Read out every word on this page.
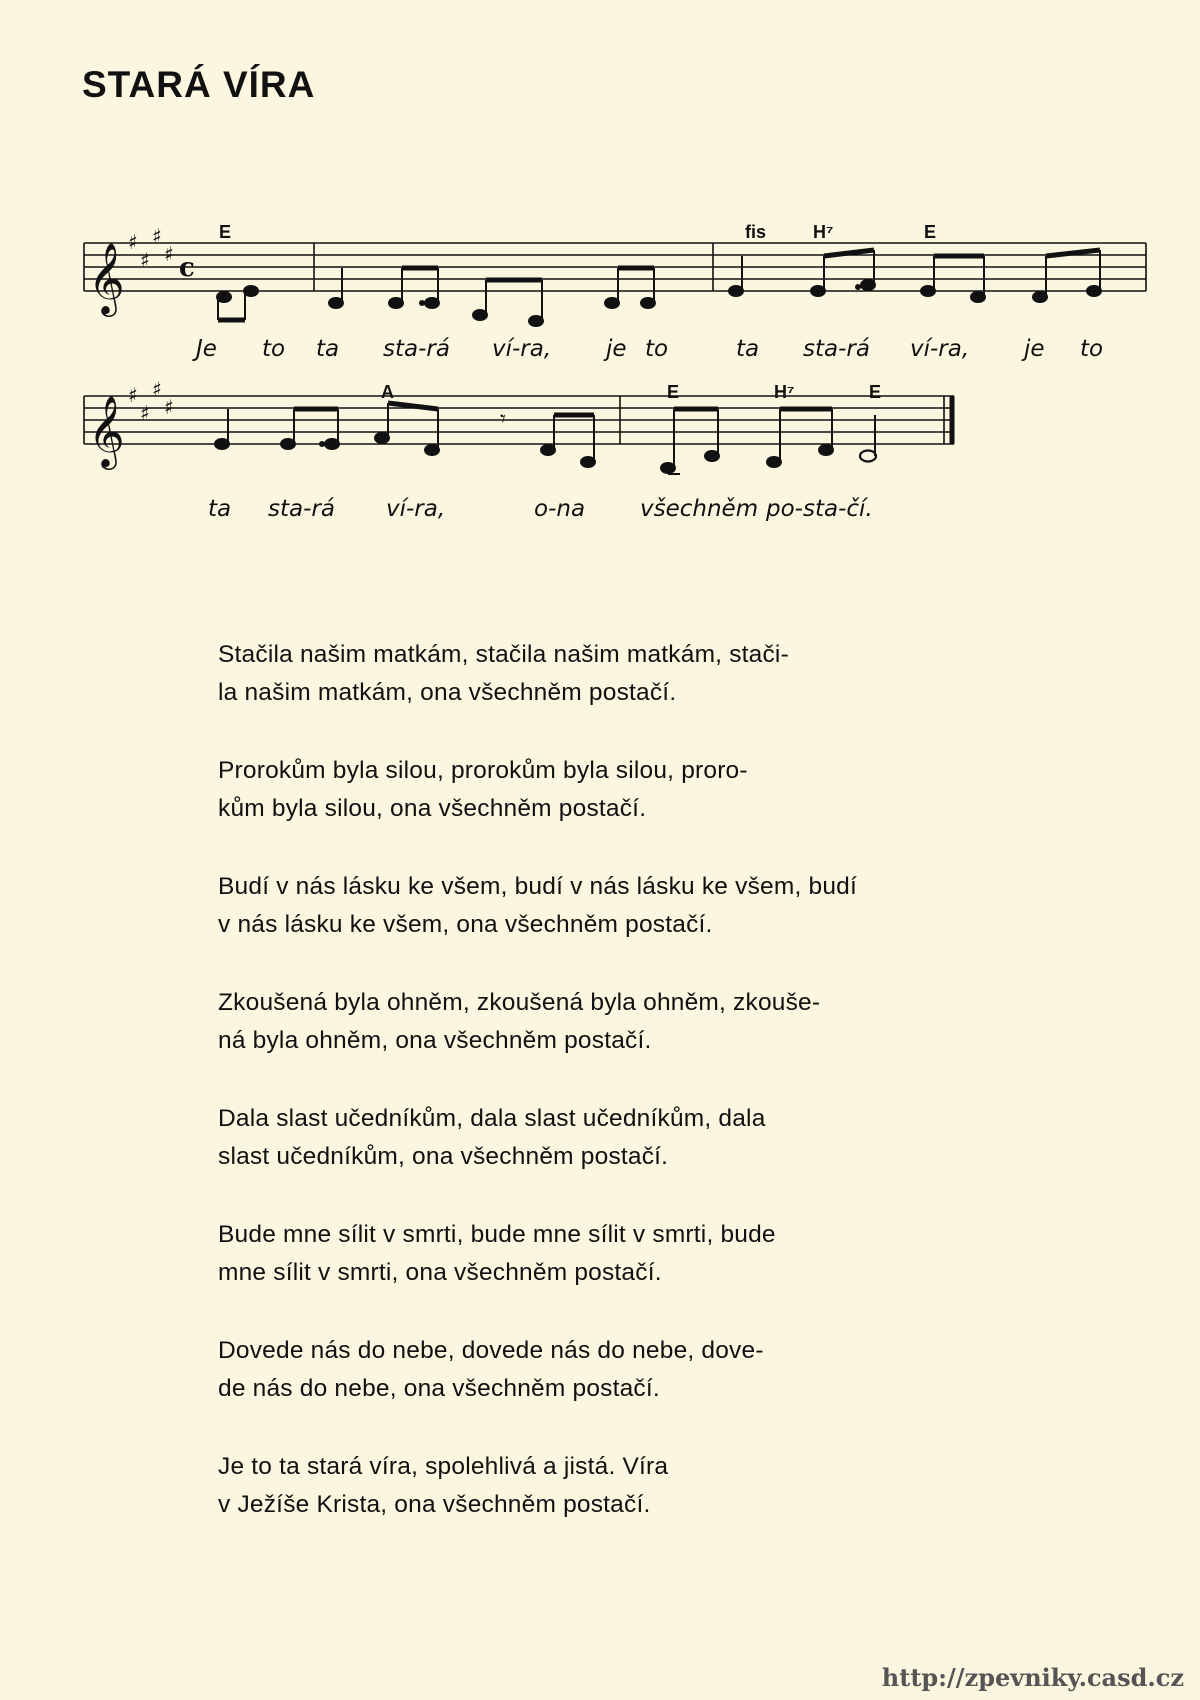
STARÁ VÍRA
𝄞 ♯
♯
♯
♯ c
E	fis	H⁷	E
Je to ta sta-rá ví-ra, je to	ta sta-rá ví-ra, je to
𝄞 ♯
♯
♯
♯	𝄾
A	E	H⁷	E
ta sta-rá ví-ra,	o-na všechněm po-sta-čí.

Stačila našim matkám, stačila našim matkám, stači-
la našim matkám, ona všechněm postačí.

Prorokům byla silou, prorokům byla silou, proro-
kům byla silou, ona všechněm postačí.

Budí v nás lásku ke všem, budí v nás lásku ke všem, budí
v nás lásku ke všem, ona všechněm postačí.

Zkoušená byla ohněm, zkoušená byla ohněm, zkouše-
ná byla ohněm, ona všechněm postačí.

Dala slast učedníkům, dala slast učedníkům, dala
slast učedníkům, ona všechněm postačí.

Bude mne sílit v smrti, bude mne sílit v smrti, bude
mne sílit v smrti, ona všechněm postačí.

Dovede nás do nebe, dovede nás do nebe, dove-
de nás do nebe, ona všechněm postačí.

Je to ta stará víra, spolehlivá a jistá. Víra
v Ježíše Krista, ona všechněm postačí.

http://zpevniky.casd.cz
